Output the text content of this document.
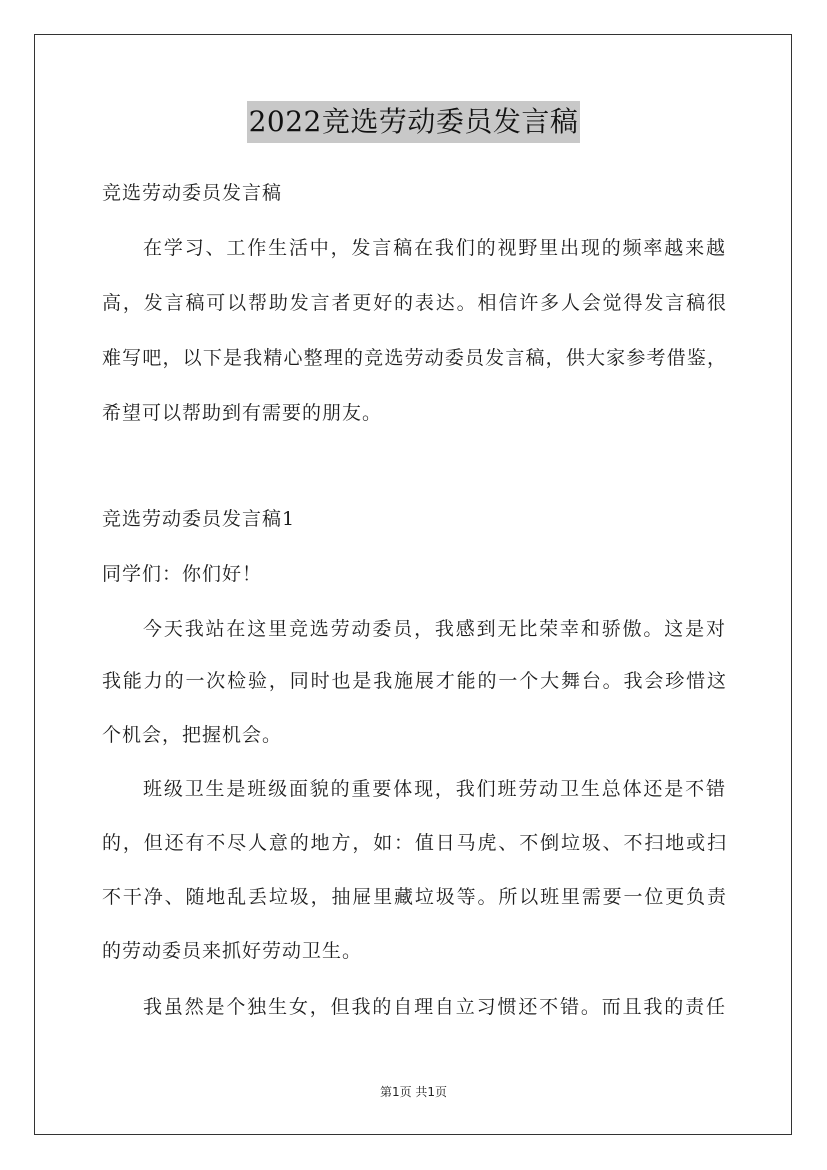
2022竞选劳动委员发言稿
竞选劳动委员发言稿
在学习、工作生活中，发言稿在我们的视野里出现的频率越来越
高，发言稿可以帮助发言者更好的表达。相信许多人会觉得发言稿很
难写吧，以下是我精心整理的竞选劳动委员发言稿，供大家参考借鉴，
希望可以帮助到有需要的朋友。
竞选劳动委员发言稿1
同学们：你们好！
今天我站在这里竞选劳动委员，我感到无比荣幸和骄傲。这是对
我能力的一次检验，同时也是我施展才能的一个大舞台。我会珍惜这
个机会，把握机会。
班级卫生是班级面貌的重要体现，我们班劳动卫生总体还是不错
的，但还有不尽人意的地方，如：值日马虎、不倒垃圾、不扫地或扫
不干净、随地乱丢垃圾，抽屉里藏垃圾等。所以班里需要一位更负责
的劳动委员来抓好劳动卫生。
我虽然是个独生女，但我的自理自立习惯还不错。而且我的责任
第1页 共1页
